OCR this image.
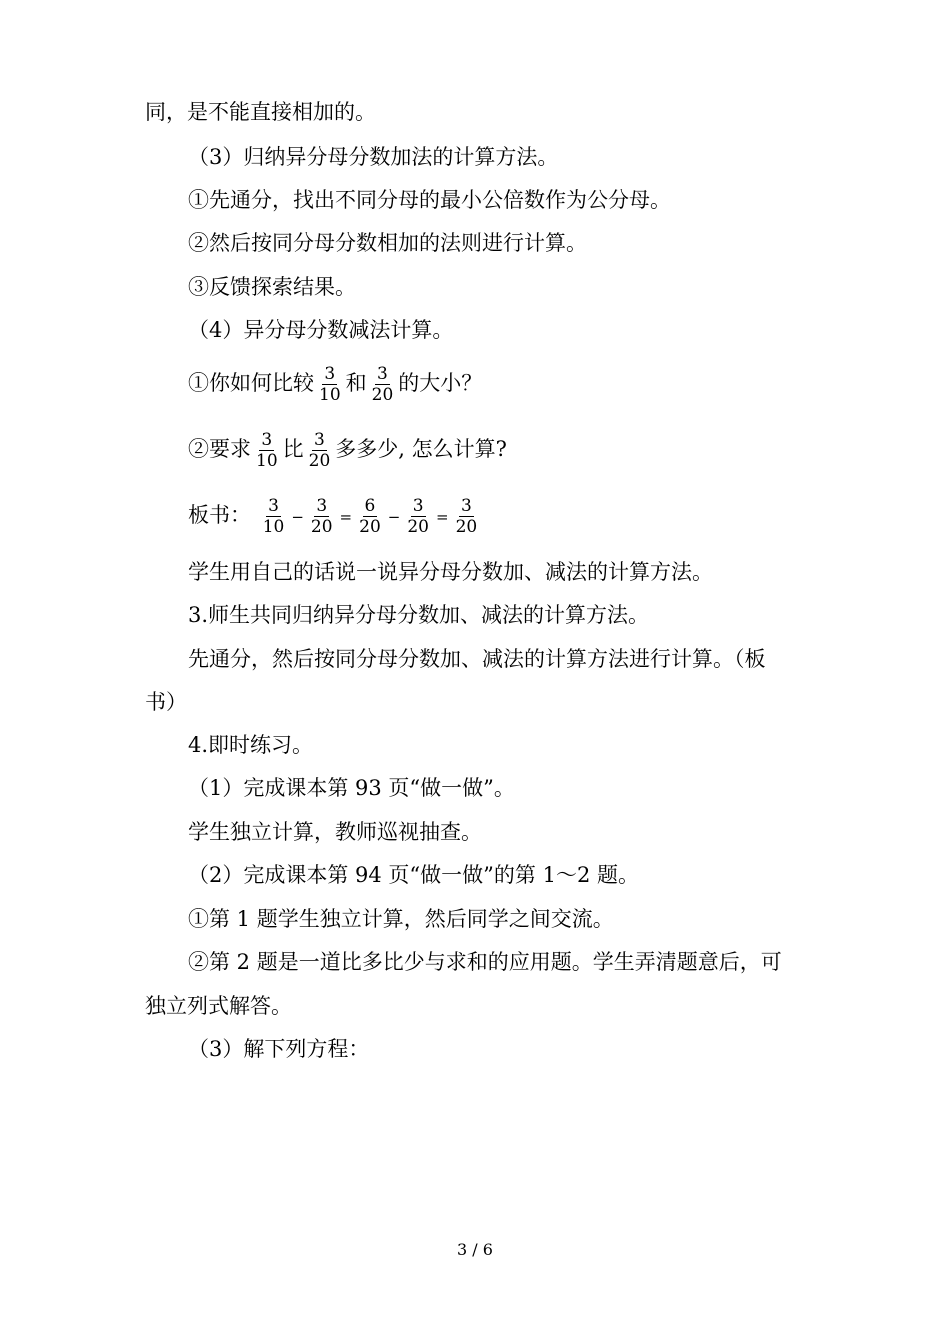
同，是不能直接相加的。
（3）归纳异分母分数加法的计算方法。
①先通分，找出不同分母的最小公倍数作为公分母。
②然后按同分母分数相加的法则进行计算。
③反馈探索结果。
（4）异分母分数减法计算。
①你如何比较 $\frac{3}{10}$ 和 $\frac{3}{20}$ 的大小？
②要求 $\frac{3}{10}$ 比 $\frac{3}{20}$ 多多少, 怎么计算?
板书： $\frac{3}{10} - \frac{3}{20} = \frac{6}{20} - \frac{3}{20} = \frac{3}{20}$
学生用自己的话说一说异分母分数加、减法的计算方法。
3.师生共同归纳异分母分数加、减法的计算方法。
先通分，然后按同分母分数加、减法的计算方法进行计算。（板
书）
4.即时练习。
（1）完成课本第 93 页“做一做”。
学生独立计算，教师巡视抽查。
（2）完成课本第 94 页“做一做”的第 1～2 题。
①第 1 题学生独立计算，然后同学之间交流。
②第 2 题是一道比多比少与求和的应用题。学生弄清题意后，可
独立列式解答。
（3）解下列方程：
3 / 6
